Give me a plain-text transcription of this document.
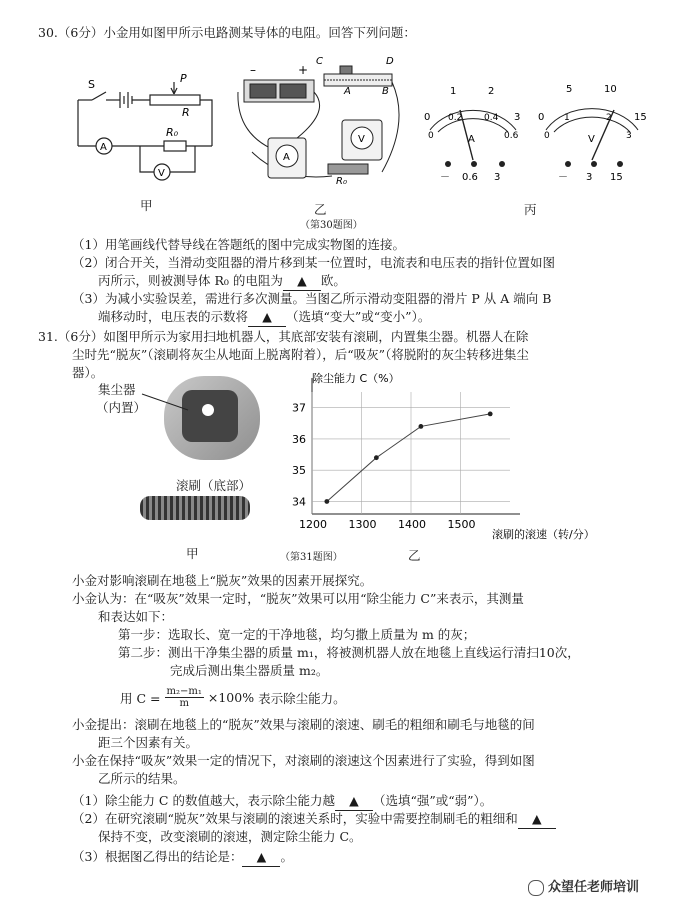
30.（6分）小金用如图甲所示电路测某导体的电阻。回答下列问题：
S	P
R
R₀
A
V
甲
–	+
C	D
A	B
A
V
R₀
乙
（第30题图）
0
1	2
3
0
0.2 0.4
0.6
A
－ 0.6 3
0
5	10
15
0
1	2
3
V
－ 3 15
丙
（1）用笔画线代替导线在答题纸的图中完成实物图的连接。
（2）闭合开关，当滑动变阻器的滑片移到某一位置时，电流表和电压表的指针位置如图
丙所示，则被测导体 R₀ 的电阻为 ▲ 欧。
（3）为减小实验误差，需进行多次测量。当图乙所示滑动变阻器的滑片 P 从 A 端向 B
端移动时，电压表的示数将 ▲ （选填“变大”或“变小”）。
31.（6分）如图甲所示为家用扫地机器人，其底部安装有滚刷，内置集尘器。机器人在除
尘时先“脱灰”（滚刷将灰尘从地面上脱离附着），后“吸灰”（将脱附的灰尘转移进集尘
器）。
集尘器
（内置）
滚刷（底部）
甲
除尘能力 C（%）
滚刷的滚速（转/分）
1200 1300 1400 1500
34
35
36
37
（第31题图）	乙
小金对影响滚刷在地毯上“脱灰”效果的因素开展探究。
小金认为：在“吸灰”效果一定时，“脱灰”效果可以用“除尘能力 C”来表示，其测量
和表达如下：
第一步：选取长、宽一定的干净地毯，均匀撒上质量为 m 的灰；
第二步：测出干净集尘器的质量 m₁，将被测机器人放在地毯上直线运行清扫10次，
完成后测出集尘器质量 m₂。
用 $C = \frac{\text{m₂−m₁}}{m} \times 100\%$ 表示除尘能力。
小金提出：滚刷在地毯上的“脱灰”效果与滚刷的滚速、刷毛的粗细和刷毛与地毯的间
距三个因素有关。
小金在保持“吸灰”效果一定的情况下，对滚刷的滚速这个因素进行了实验，得到如图
乙所示的结果。
（1）除尘能力 C 的数值越大，表示除尘能力越 ▲ （选填“强”或“弱”）。
（2）在研究滚刷“脱灰”效果与滚刷的滚速关系时，实验中需要控制刷毛的粗细和 ▲
保持不变，改变滚刷的滚速，测定除尘能力 C。
（3）根据图乙得出的结论是： ▲ 。
众望任老师培训
